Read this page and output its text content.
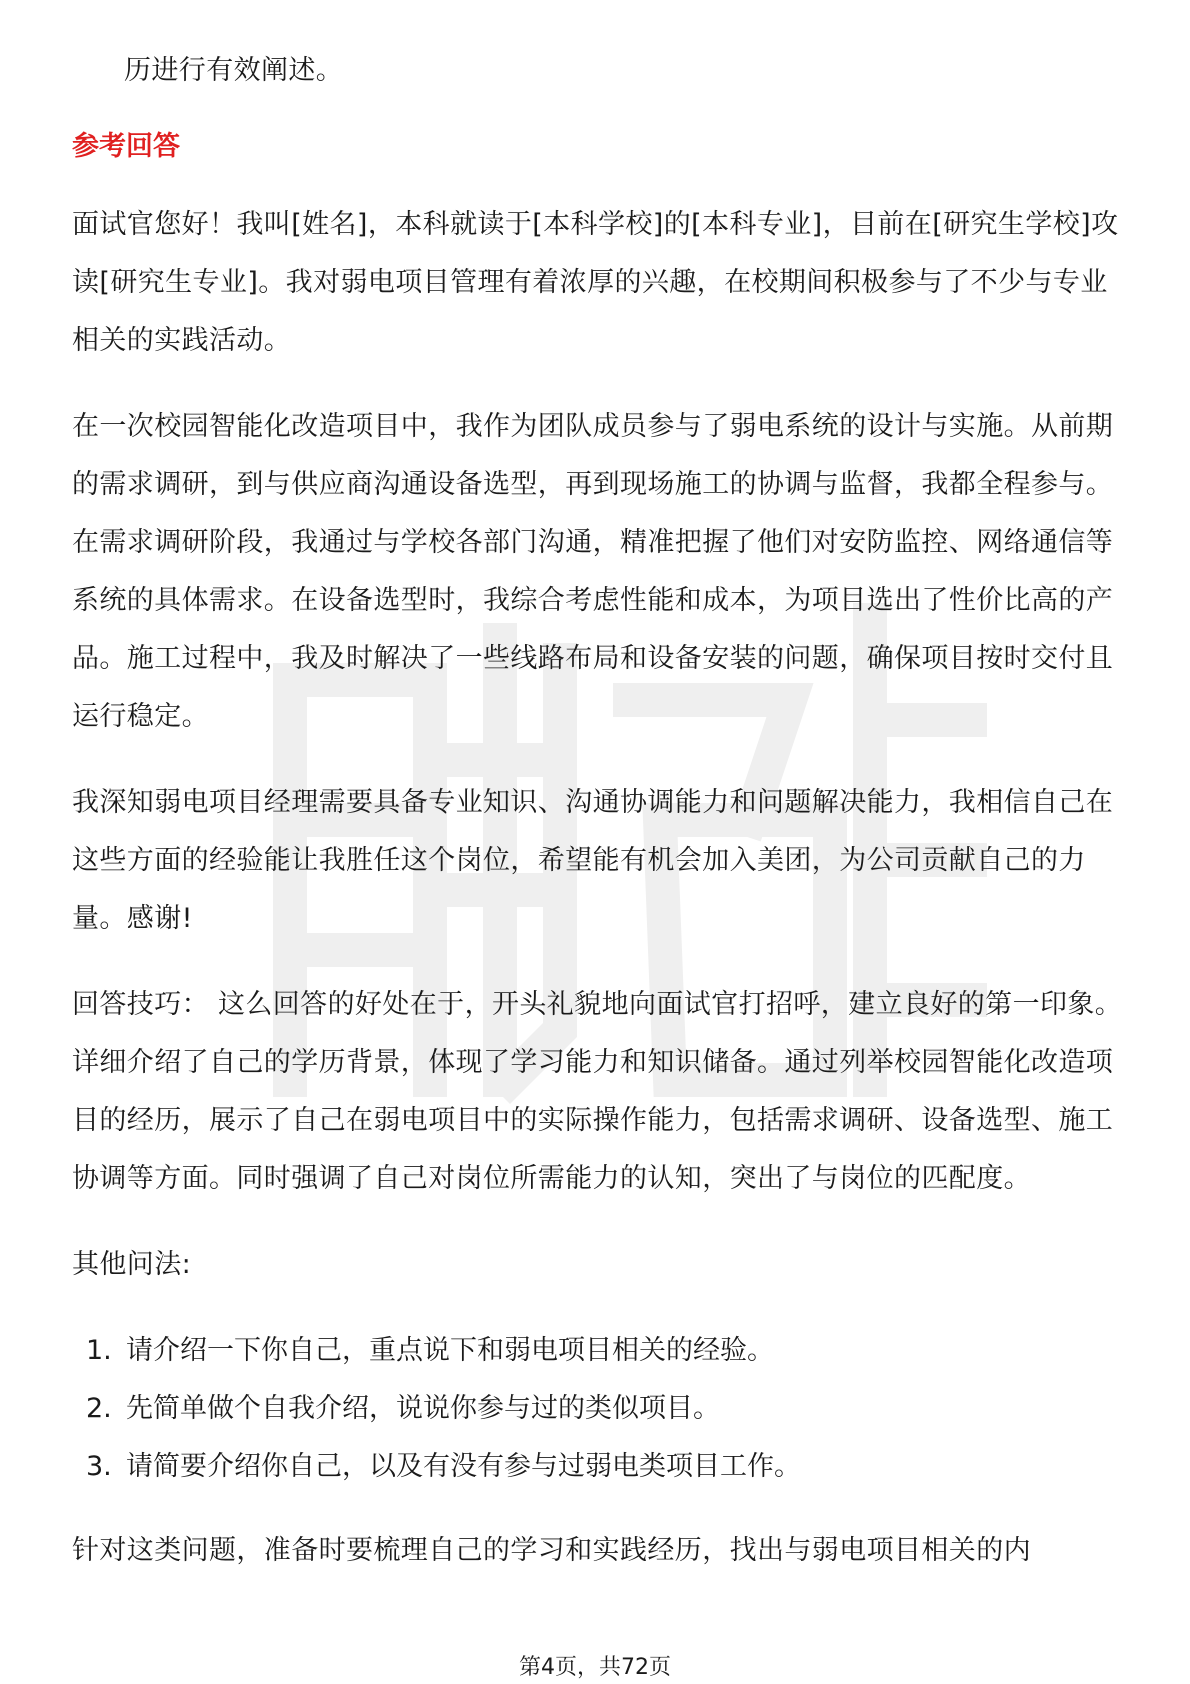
历进行有效阐述。

参考回答

面试官您好！我叫[姓名]，本科就读于[本科学校]的[本科专业]，目前在[研究生学校]攻读[研究生专业]。我对弱电项目管理有着浓厚的兴趣，在校期间积极参与了不少与专业相关的实践活动。

在一次校园智能化改造项目中，我作为团队成员参与了弱电系统的设计与实施。从前期的需求调研，到与供应商沟通设备选型，再到现场施工的协调与监督，我都全程参与。在需求调研阶段，我通过与学校各部门沟通，精准把握了他们对安防监控、网络通信等系统的具体需求。在设备选型时，我综合考虑性能和成本，为项目选出了性价比高的产品。施工过程中，我及时解决了一些线路布局和设备安装的问题，确保项目按时交付且运行稳定。

我深知弱电项目经理需要具备专业知识、沟通协调能力和问题解决能力，我相信自己在这些方面的经验能让我胜任这个岗位，希望能有机会加入美团，为公司贡献自己的力量。感谢!

回答技巧： 这么回答的好处在于，开头礼貌地向面试官打招呼，建立良好的第一印象。详细介绍了自己的学历背景，体现了学习能力和知识储备。通过列举校园智能化改造项目的经历，展示了自己在弱电项目中的实际操作能力，包括需求调研、设备选型、施工协调等方面。同时强调了自己对岗位所需能力的认知，突出了与岗位的匹配度。

其他问法:

1. 请介绍一下你自己，重点说下和弱电项目相关的经验。
2. 先简单做个自我介绍，说说你参与过的类似项目。
3. 请简要介绍你自己，以及有没有参与过弱电类项目工作。

针对这类问题，准备时要梳理自己的学习和实践经历，找出与弱电项目相关的内

第4页，共72页
